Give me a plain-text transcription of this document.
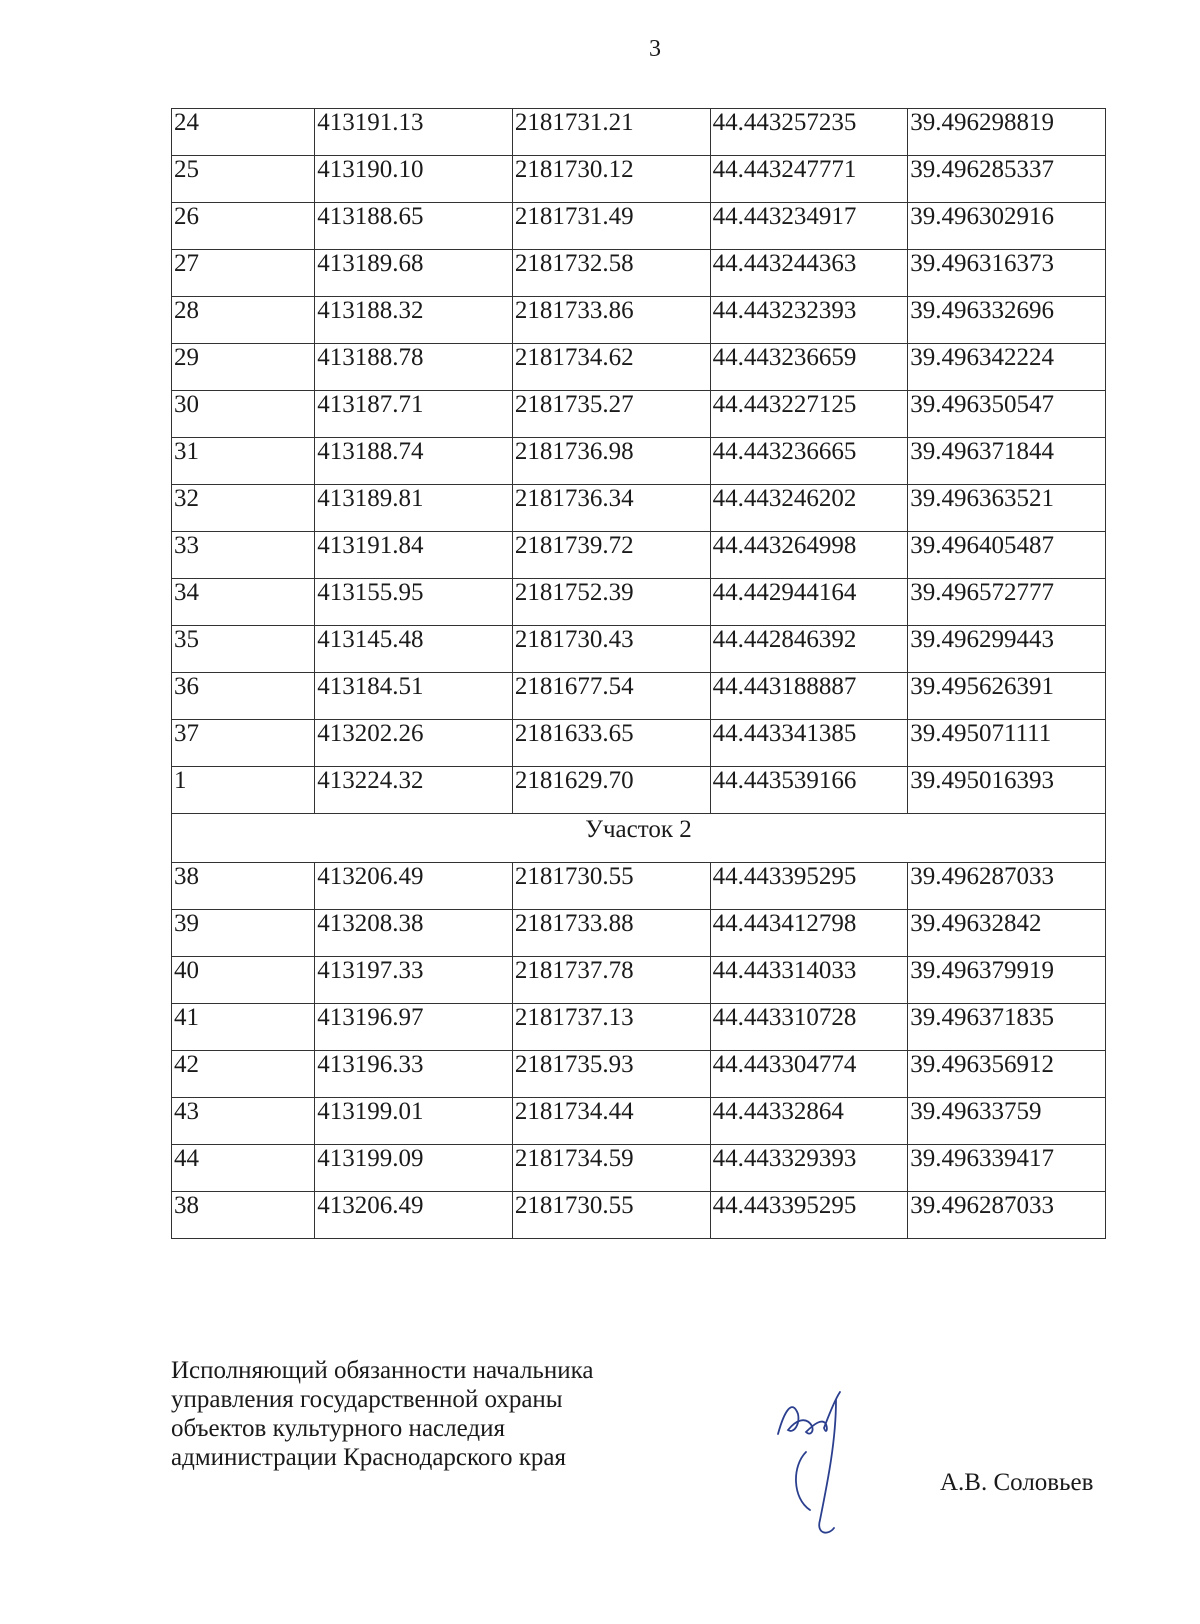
3
24	413191.13	2181731.21	44.443257235	39.496298819
25	413190.10	2181730.12	44.443247771	39.496285337
26	413188.65	2181731.49	44.443234917	39.496302916
27	413189.68	2181732.58	44.443244363	39.496316373
28	413188.32	2181733.86	44.443232393	39.496332696
29	413188.78	2181734.62	44.443236659	39.496342224
30	413187.71	2181735.27	44.443227125	39.496350547
31	413188.74	2181736.98	44.443236665	39.496371844
32	413189.81	2181736.34	44.443246202	39.496363521
33	413191.84	2181739.72	44.443264998	39.496405487
34	413155.95	2181752.39	44.442944164	39.496572777
35	413145.48	2181730.43	44.442846392	39.496299443
36	413184.51	2181677.54	44.443188887	39.495626391
37	413202.26	2181633.65	44.443341385	39.495071111
1	413224.32	2181629.70	44.443539166	39.495016393
Участок 2				
38	413206.49	2181730.55	44.443395295	39.496287033
39	413208.38	2181733.88	44.443412798	39.49632842
40	413197.33	2181737.78	44.443314033	39.496379919
41	413196.97	2181737.13	44.443310728	39.496371835
42	413196.33	2181735.93	44.443304774	39.496356912
43	413199.01	2181734.44	44.44332864	39.49633759
44	413199.09	2181734.59	44.443329393	39.496339417
38	413206.49	2181730.55	44.443395295	39.496287033
Исполняющий обязанности начальника
управления государственной охраны
объектов культурного наследия
администрации Краснодарского края
А.В. Соловьев
